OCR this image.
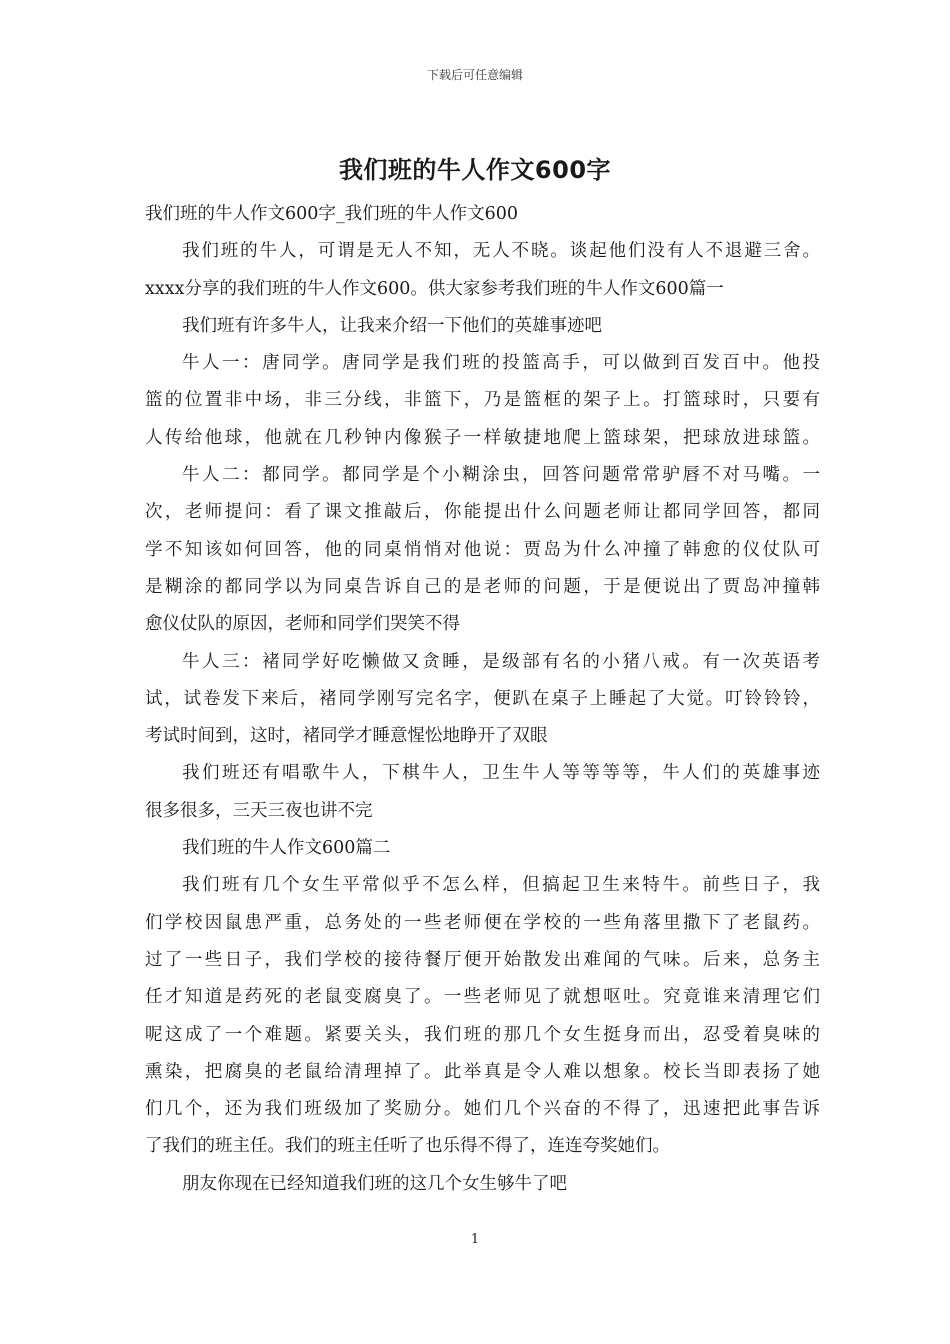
下载后可任意编辑
我们班的牛人作文600字
我们班的牛人作文600字_我们班的牛人作文600
我们班的牛人，可谓是无人不知，无人不晓。谈起他们没有人不退避三舍。
xxxx分享的我们班的牛人作文600。供大家参考我们班的牛人作文600篇一
我们班有许多牛人，让我来介绍一下他们的英雄事迹吧
牛人一：唐同学。唐同学是我们班的投篮高手，可以做到百发百中。他投
篮的位置非中场，非三分线，非篮下，乃是篮框的架子上。打篮球时，只要有
人传给他球，他就在几秒钟内像猴子一样敏捷地爬上篮球架，把球放进球篮。
牛人二：都同学。都同学是个小糊涂虫，回答问题常常驴唇不对马嘴。一
次，老师提问：看了课文推敲后，你能提出什么问题老师让都同学回答，都同
学不知该如何回答，他的同桌悄悄对他说：贾岛为什么冲撞了韩愈的仪仗队可
是糊涂的都同学以为同桌告诉自己的是老师的问题，于是便说出了贾岛冲撞韩
愈仪仗队的原因，老师和同学们哭笑不得
牛人三：褚同学好吃懒做又贪睡，是级部有名的小猪八戒。有一次英语考
试，试卷发下来后，褚同学刚写完名字，便趴在桌子上睡起了大觉。叮铃铃铃，
考试时间到，这时，褚同学才睡意惺忪地睁开了双眼
我们班还有唱歌牛人，下棋牛人，卫生牛人等等等等，牛人们的英雄事迹
很多很多，三天三夜也讲不完
我们班的牛人作文600篇二
我们班有几个女生平常似乎不怎么样，但搞起卫生来特牛。前些日子，我
们学校因鼠患严重，总务处的一些老师便在学校的一些角落里撒下了老鼠药。
过了一些日子，我们学校的接待餐厅便开始散发出难闻的气味。后来，总务主
任才知道是药死的老鼠变腐臭了。一些老师见了就想呕吐。究竟谁来清理它们
呢这成了一个难题。紧要关头，我们班的那几个女生挺身而出，忍受着臭味的
熏染，把腐臭的老鼠给清理掉了。此举真是令人难以想象。校长当即表扬了她
们几个，还为我们班级加了奖励分。她们几个兴奋的不得了，迅速把此事告诉
了我们的班主任。我们的班主任听了也乐得不得了，连连夸奖她们。
朋友你现在已经知道我们班的这几个女生够牛了吧
1
